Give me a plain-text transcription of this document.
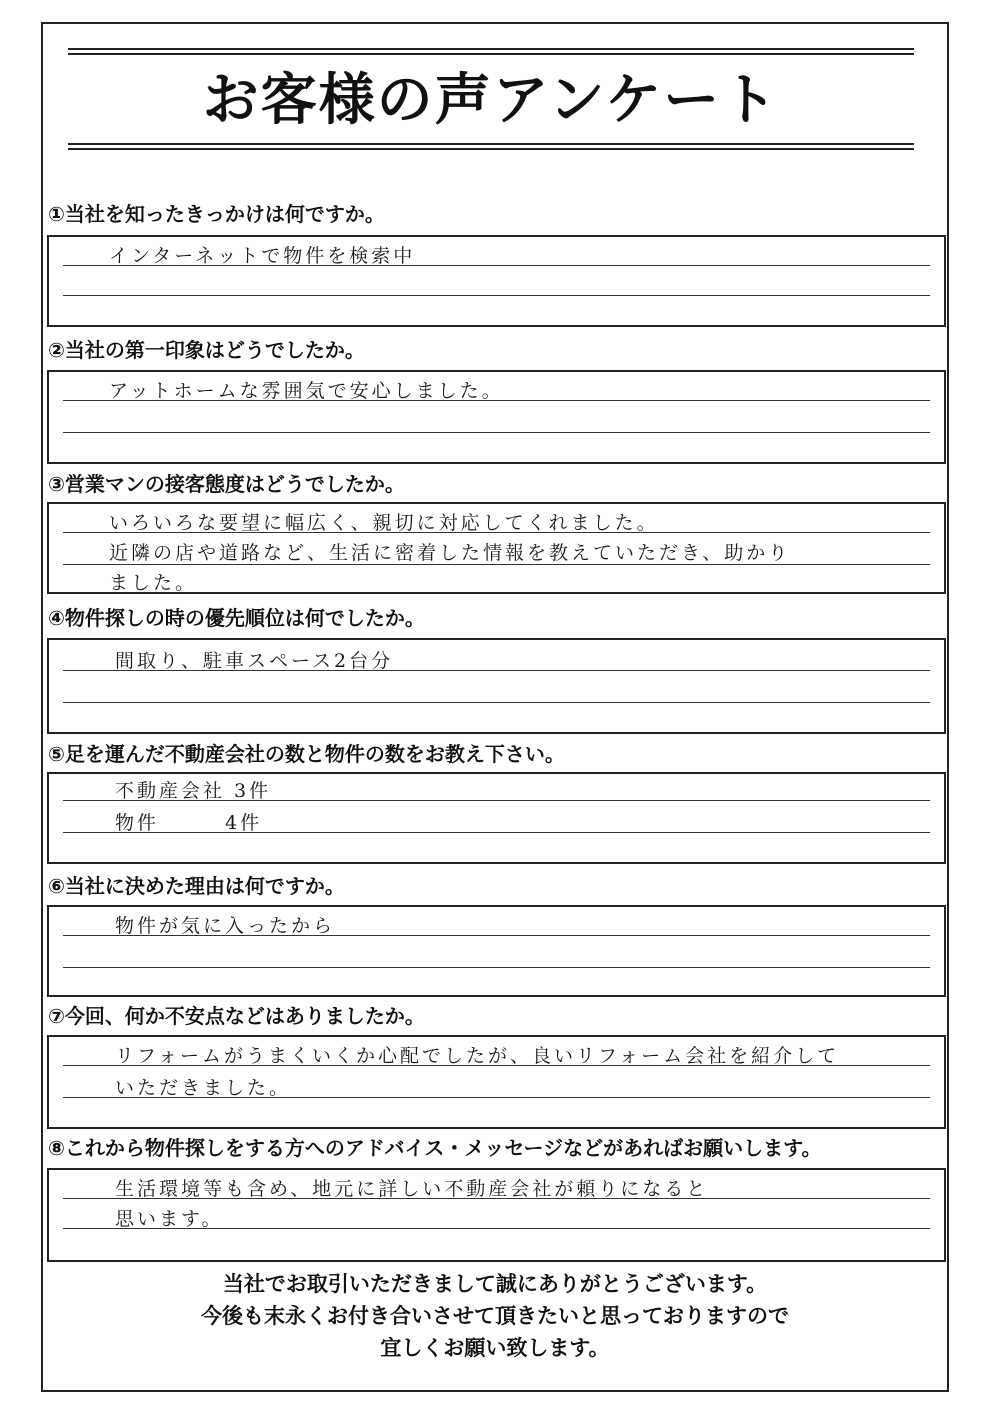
お客様の声アンケート
①当社を知ったきっかけは何ですか。
インターネットで物件を検索中
②当社の第一印象はどうでしたか。
アットホームな雰囲気で安心しました。
③営業マンの接客態度はどうでしたか。
いろいろな要望に幅広く、親切に対応してくれました。
近隣の店や道路など、生活に密着した情報を教えていただき、助かり
ました。
④物件探しの時の優先順位は何でしたか。
間取り、駐車スペース2台分
⑤足を運んだ不動産会社の数と物件の数をお教え下さい。
不動産会社 3件
物件　　　4件
⑥当社に決めた理由は何ですか。
物件が気に入ったから
⑦今回、何か不安点などはありましたか。
リフォームがうまくいくか心配でしたが、良いリフォーム会社を紹介して
いただきました。
⑧これから物件探しをする方へのアドバイス・メッセージなどがあればお願いします。
生活環境等も含め、地元に詳しい不動産会社が頼りになると
思います。
当社でお取引いただきまして誠にありがとうございます。
今後も末永くお付き合いさせて頂きたいと思っておりますので
宜しくお願い致します。
